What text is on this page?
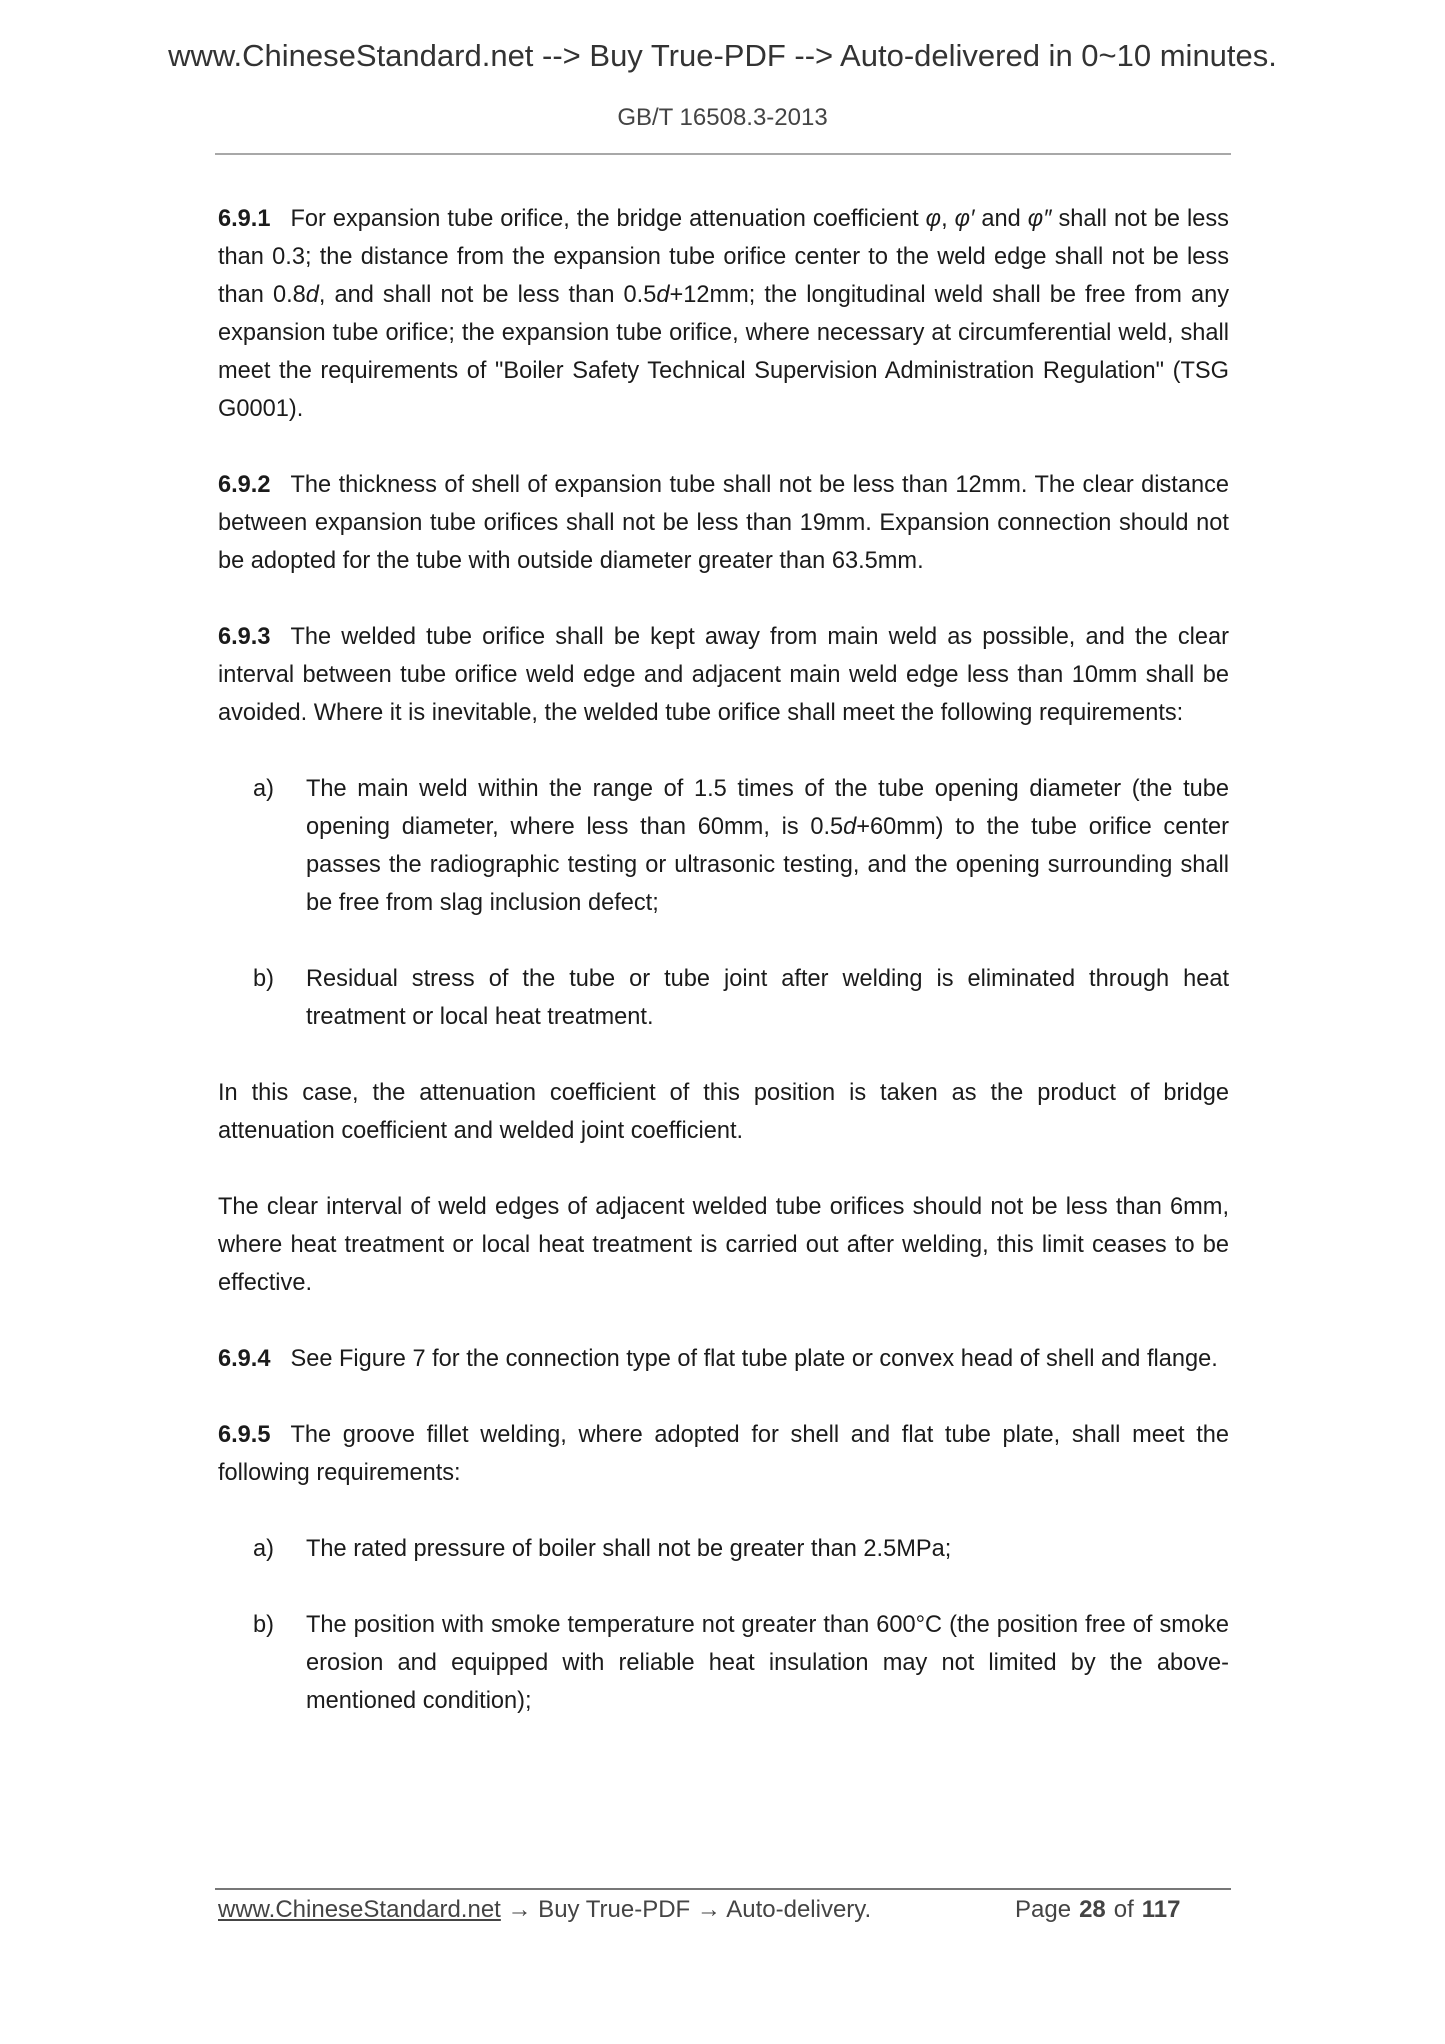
www.ChineseStandard.net --> Buy True-PDF --> Auto-delivered in 0~10 minutes.
GB/T 16508.3-2013
6.9.1 For expansion tube orifice, the bridge attenuation coefficient φ, φ′ and φ″ shall not be less than 0.3; the distance from the expansion tube orifice center to the weld edge shall not be less than 0.8d, and shall not be less than 0.5d+12mm; the longitudinal weld shall be free from any expansion tube orifice; the expansion tube orifice, where necessary at circumferential weld, shall meet the requirements of "Boiler Safety Technical Supervision Administration Regulation" (TSG G0001).
6.9.2 The thickness of shell of expansion tube shall not be less than 12mm. The clear distance between expansion tube orifices shall not be less than 19mm. Expansion connection should not be adopted for the tube with outside diameter greater than 63.5mm.
6.9.3 The welded tube orifice shall be kept away from main weld as possible, and the clear interval between tube orifice weld edge and adjacent main weld edge less than 10mm shall be avoided. Where it is inevitable, the welded tube orifice shall meet the following requirements:
a) The main weld within the range of 1.5 times of the tube opening diameter (the tube opening diameter, where less than 60mm, is 0.5d+60mm) to the tube orifice center passes the radiographic testing or ultrasonic testing, and the opening surrounding shall be free from slag inclusion defect;
b) Residual stress of the tube or tube joint after welding is eliminated through heat treatment or local heat treatment.
In this case, the attenuation coefficient of this position is taken as the product of bridge attenuation coefficient and welded joint coefficient.
The clear interval of weld edges of adjacent welded tube orifices should not be less than 6mm, where heat treatment or local heat treatment is carried out after welding, this limit ceases to be effective.
6.9.4 See Figure 7 for the connection type of flat tube plate or convex head of shell and flange.
6.9.5 The groove fillet welding, where adopted for shell and flat tube plate, shall meet the following requirements:
a) The rated pressure of boiler shall not be greater than 2.5MPa;
b) The position with smoke temperature not greater than 600°C (the position free of smoke erosion and equipped with reliable heat insulation may not limited by the above-mentioned condition);
www.ChineseStandard.net → Buy True-PDF → Auto-delivery.	Page 28 of 117
